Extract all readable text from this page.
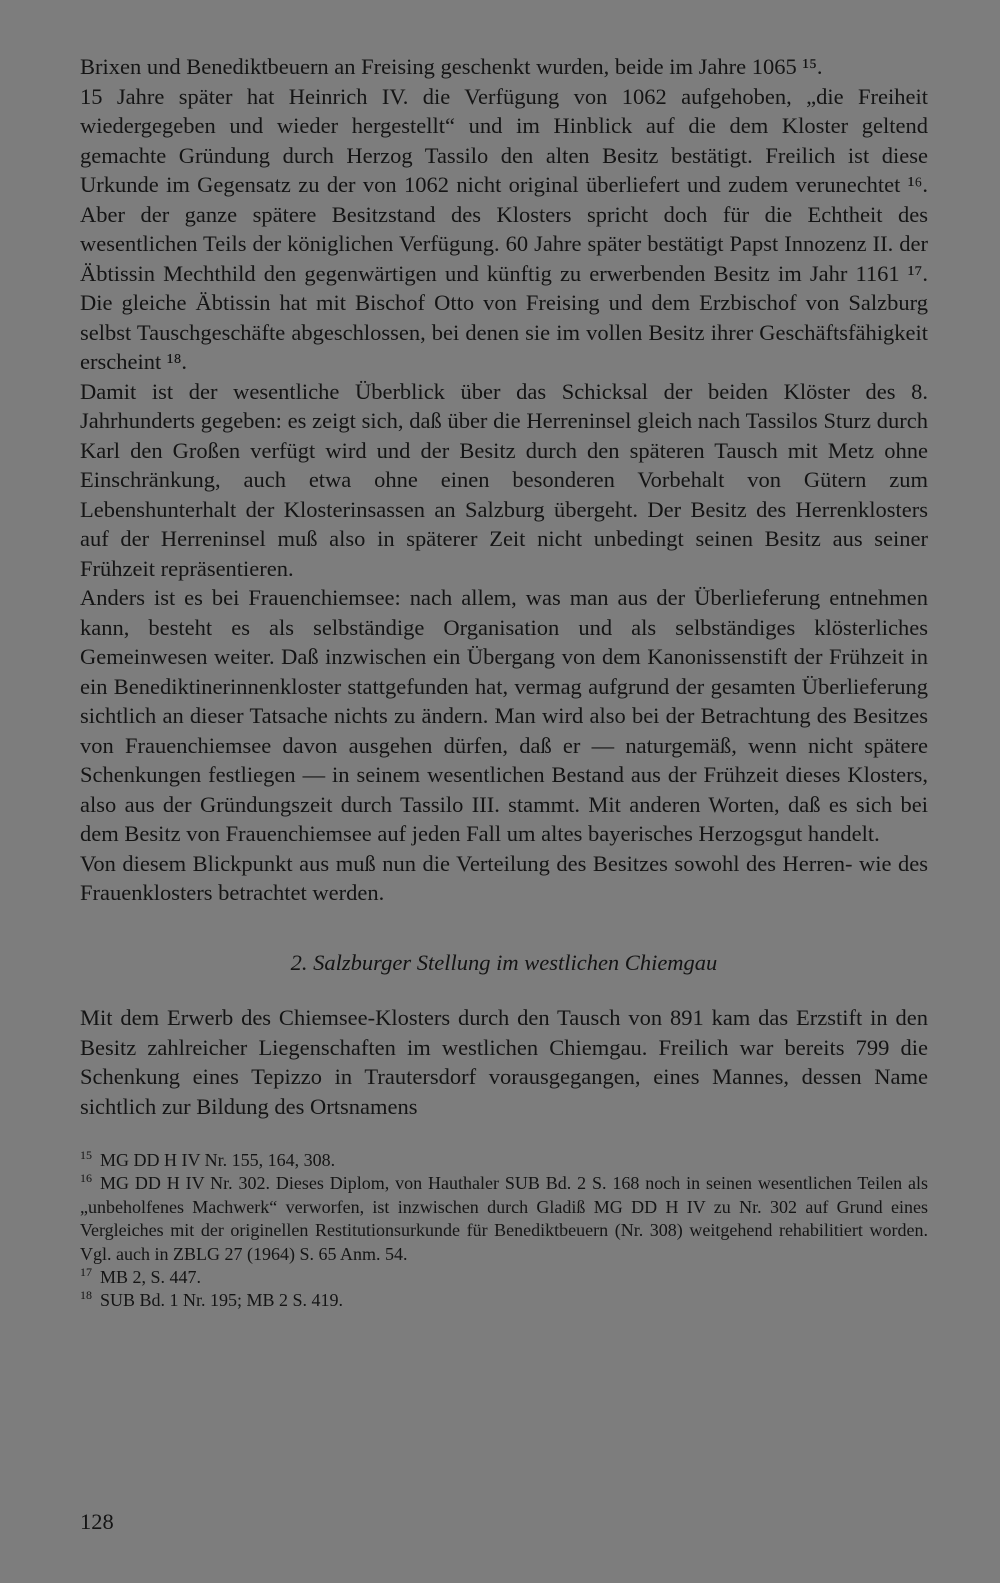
Brixen und Benediktbeuern an Freising geschenkt wurden, beide im Jahre 1065 ¹⁵.

15 Jahre später hat Heinrich IV. die Verfügung von 1062 aufgehoben, „die Freiheit wiedergegeben und wieder hergestellt“ und im Hinblick auf die dem Kloster geltend gemachte Gründung durch Herzog Tassilo den alten Besitz bestätigt. Freilich ist diese Urkunde im Gegensatz zu der von 1062 nicht original überliefert und zudem verunechtet ¹⁶. Aber der ganze spätere Besitzstand des Klosters spricht doch für die Echtheit des wesentlichen Teils der königlichen Verfügung. 60 Jahre später bestätigt Papst Innozenz II. der Äbtissin Mechthild den gegenwärtigen und künftig zu erwerbenden Besitz im Jahr 1161 ¹⁷. Die gleiche Äbtissin hat mit Bischof Otto von Freising und dem Erzbischof von Salzburg selbst Tauschgeschäfte abgeschlossen, bei denen sie im vollen Besitz ihrer Geschäftsfähigkeit erscheint ¹⁸.

Damit ist der wesentliche Überblick über das Schicksal der beiden Klöster des 8. Jahrhunderts gegeben: es zeigt sich, daß über die Herreninsel gleich nach Tassilos Sturz durch Karl den Großen verfügt wird und der Besitz durch den späteren Tausch mit Metz ohne Einschränkung, auch etwa ohne einen besonderen Vorbehalt von Gütern zum Lebenshunterhalt der Klosterinsassen an Salzburg übergeht. Der Besitz des Herrenklosters auf der Herreninsel muß also in späterer Zeit nicht unbedingt seinen Besitz aus seiner Frühzeit repräsentieren.

Anders ist es bei Frauenchiemsee: nach allem, was man aus der Überlieferung entnehmen kann, besteht es als selbständige Organisation und als selbständiges klösterliches Gemeinwesen weiter. Daß inzwischen ein Übergang von dem Kanonissenstift der Frühzeit in ein Benediktinerinnenkloster stattgefunden hat, vermag aufgrund der gesamten Überlieferung sichtlich an dieser Tatsache nichts zu ändern. Man wird also bei der Betrachtung des Besitzes von Frauenchiemsee davon ausgehen dürfen, daß er — naturgemäß, wenn nicht spätere Schenkungen festliegen — in seinem wesentlichen Bestand aus der Frühzeit dieses Klosters, also aus der Gründungszeit durch Tassilo III. stammt. Mit anderen Worten, daß es sich bei dem Besitz von Frauenchiemsee auf jeden Fall um altes bayerisches Herzogsgut handelt.

Von diesem Blickpunkt aus muß nun die Verteilung des Besitzes sowohl des Herren- wie des Frauenklosters betrachtet werden.

2. Salzburger Stellung im westlichen Chiemgau

Mit dem Erwerb des Chiemsee-Klosters durch den Tausch von 891 kam das Erzstift in den Besitz zahlreicher Liegenschaften im westlichen Chiemgau. Freilich war bereits 799 die Schenkung eines Tepizzo in Trautersdorf vorausgegangen, eines Mannes, dessen Name sichtlich zur Bildung des Ortsnamens

$^{15}$ MG DD H IV Nr. 155, 164, 308.

$^{16}$ MG DD H IV Nr. 302. Dieses Diplom, von Hauthaler SUB Bd. 2 S. 168 noch in seinen wesentlichen Teilen als „unbeholfenes Machwerk“ verworfen, ist inzwischen durch Gladiß MG DD H IV zu Nr. 302 auf Grund eines Vergleiches mit der originellen Restitutionsurkunde für Benediktbeuern (Nr. 308) weitgehend rehabilitiert worden. Vgl. auch in ZBLG 27 (1964) S. 65 Anm. 54.

$^{17}$ MB 2, S. 447.

$^{18}$ SUB Bd. 1 Nr. 195; MB 2 S. 419.

128
